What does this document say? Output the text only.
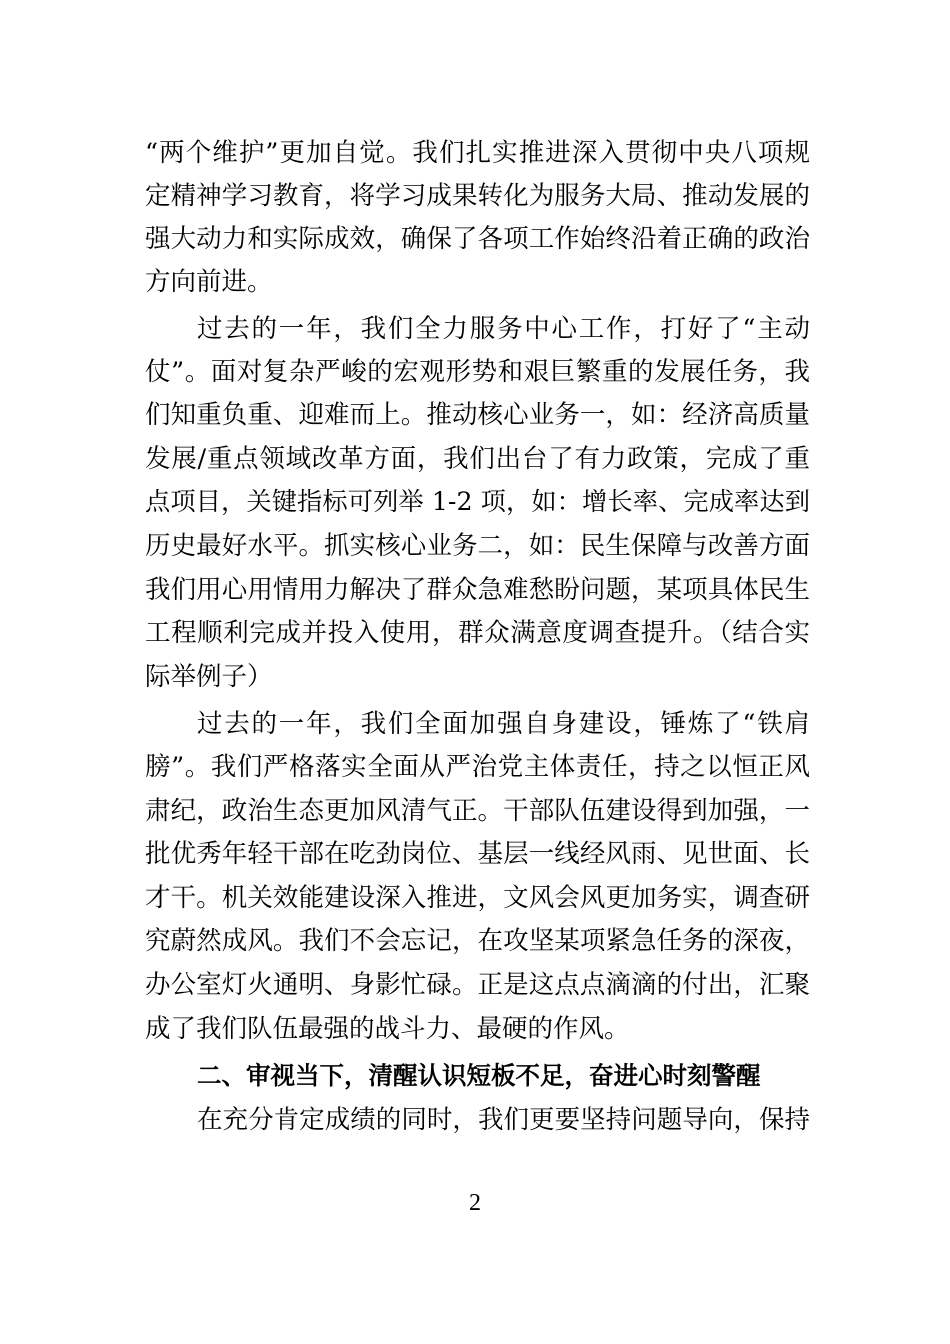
“两个维护”更加自觉。我们扎实推进深入贯彻中央八项规
定精神学习教育，将学习成果转化为服务大局、推动发展的
强大动力和实际成效，确保了各项工作始终沿着正确的政治
方向前进。
过去的一年，我们全力服务中心工作，打好了“主动
仗”。面对复杂严峻的宏观形势和艰巨繁重的发展任务，我
们知重负重、迎难而上。推动核心业务一，如：经济高质量
发展/重点领域改革方面，我们出台了有力政策，完成了重
点项目，关键指标可列举 1-2 项，如：增长率、完成率达到
历史最好水平。抓实核心业务二，如：民生保障与改善方面
我们用心用情用力解决了群众急难愁盼问题，某项具体民生
工程顺利完成并投入使用，群众满意度调查提升。（结合实
际举例子）
过去的一年，我们全面加强自身建设，锤炼了“铁肩
膀”。我们严格落实全面从严治党主体责任，持之以恒正风
肃纪，政治生态更加风清气正。干部队伍建设得到加强，一
批优秀年轻干部在吃劲岗位、基层一线经风雨、见世面、长
才干。机关效能建设深入推进，文风会风更加务实，调查研
究蔚然成风。我们不会忘记，在攻坚某项紧急任务的深夜，
办公室灯火通明、身影忙碌。正是这点点滴滴的付出，汇聚
成了我们队伍最强的战斗力、最硬的作风。
二、审视当下，清醒认识短板不足，奋进心时刻警醒
在充分肯定成绩的同时，我们更要坚持问题导向，保持
2
